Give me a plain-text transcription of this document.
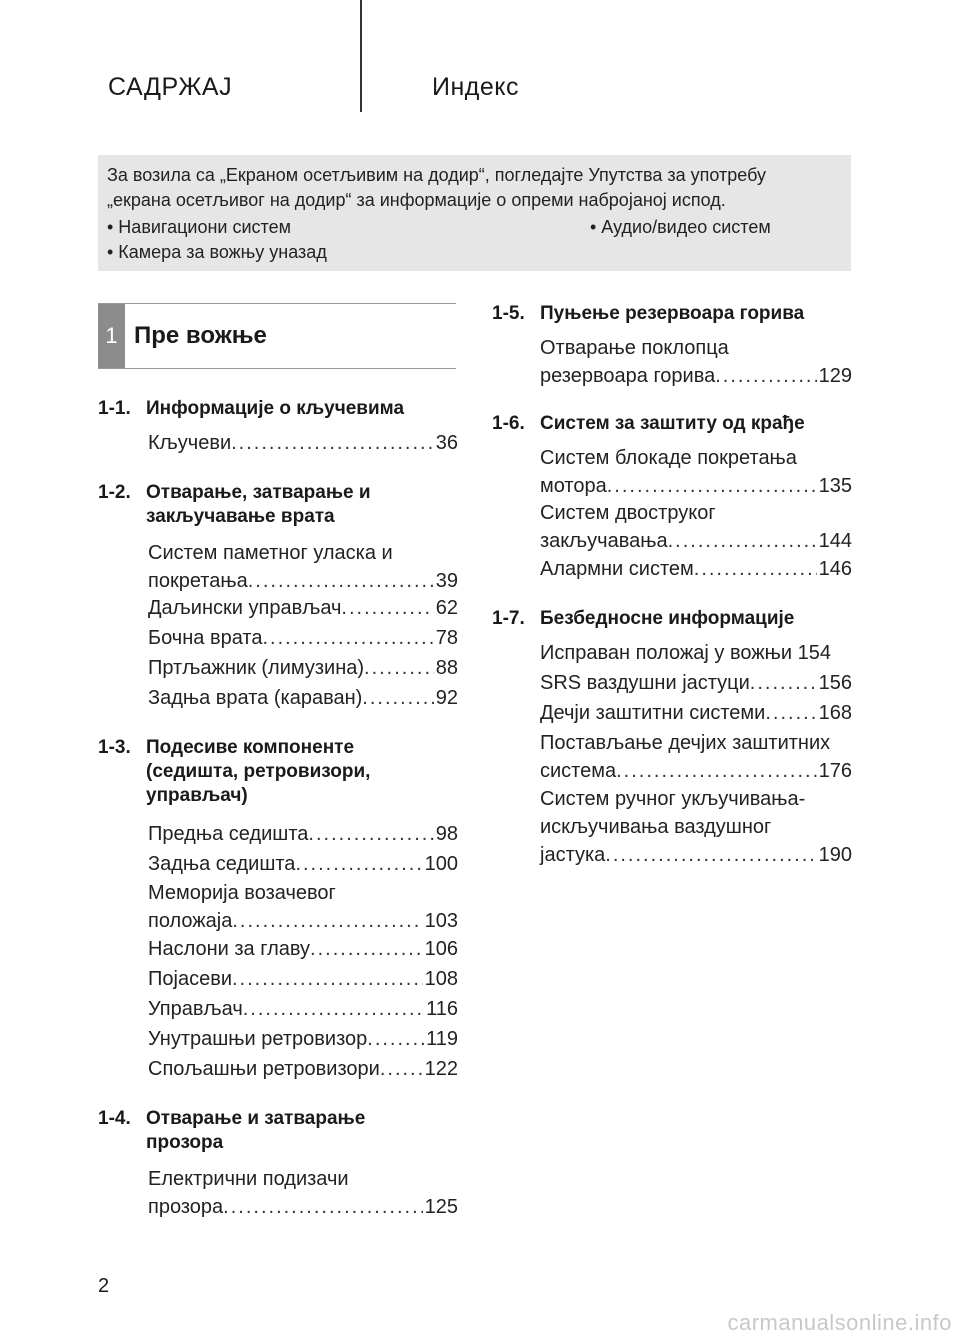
САДРЖАЈ	Индекс

За возила са „Екраном осетљивим на додир“, погледајте Упутства за употребу

„екрана осетљивог на додир“ за информације о опреми набројаној испод.

• Навигациони систем	• Аудио/видео систем
• Камера за вожњу уназад
1 Пре вожње
1-1. Информације о кључевима
Кључеви .....	36
1-2. Отварање, затварање и закључавање врата
Систем паметног уласка и
покретања .....	39
Даљински управљач .....	62
Бочна врата .....	78
Пртљажник (лимузина) .....	88
Задња врата (караван) .....	92
1-3. Подесиве компоненте (седишта, ретровизори, управљач)
Предња седишта .....	98
Задња седишта .....	100
Меморија возачевог
положаја .....	103
Наслони за главу .....	106
Појасеви .....	108
Управљач .....	116
Унутрашњи ретровизор .....	119
Спољашњи ретровизори ..... 122
1-4. Отварање и затварање прозора
Електрични подизачи
прозора .....	125
1-5. Пуњење резервоара горива
Отварање поклопца
резервоара горива .....	129
1-6. Систем за заштиту од крађе
Систем блокаде покретања
мотора .....	135
Систем двоструког
закључавања .....	144
Алармни систем .....	146
1-7. Безбедносне информације
Исправан положај у вожњи 154
SRS ваздушни јастуци .....	156
Дечји заштитни системи .....	168
Постављање дечјих заштитних
система .....	176
Систем ручног укључивања-
искључивања ваздушног
јастука .....	190
2
carmanualsonline.info
